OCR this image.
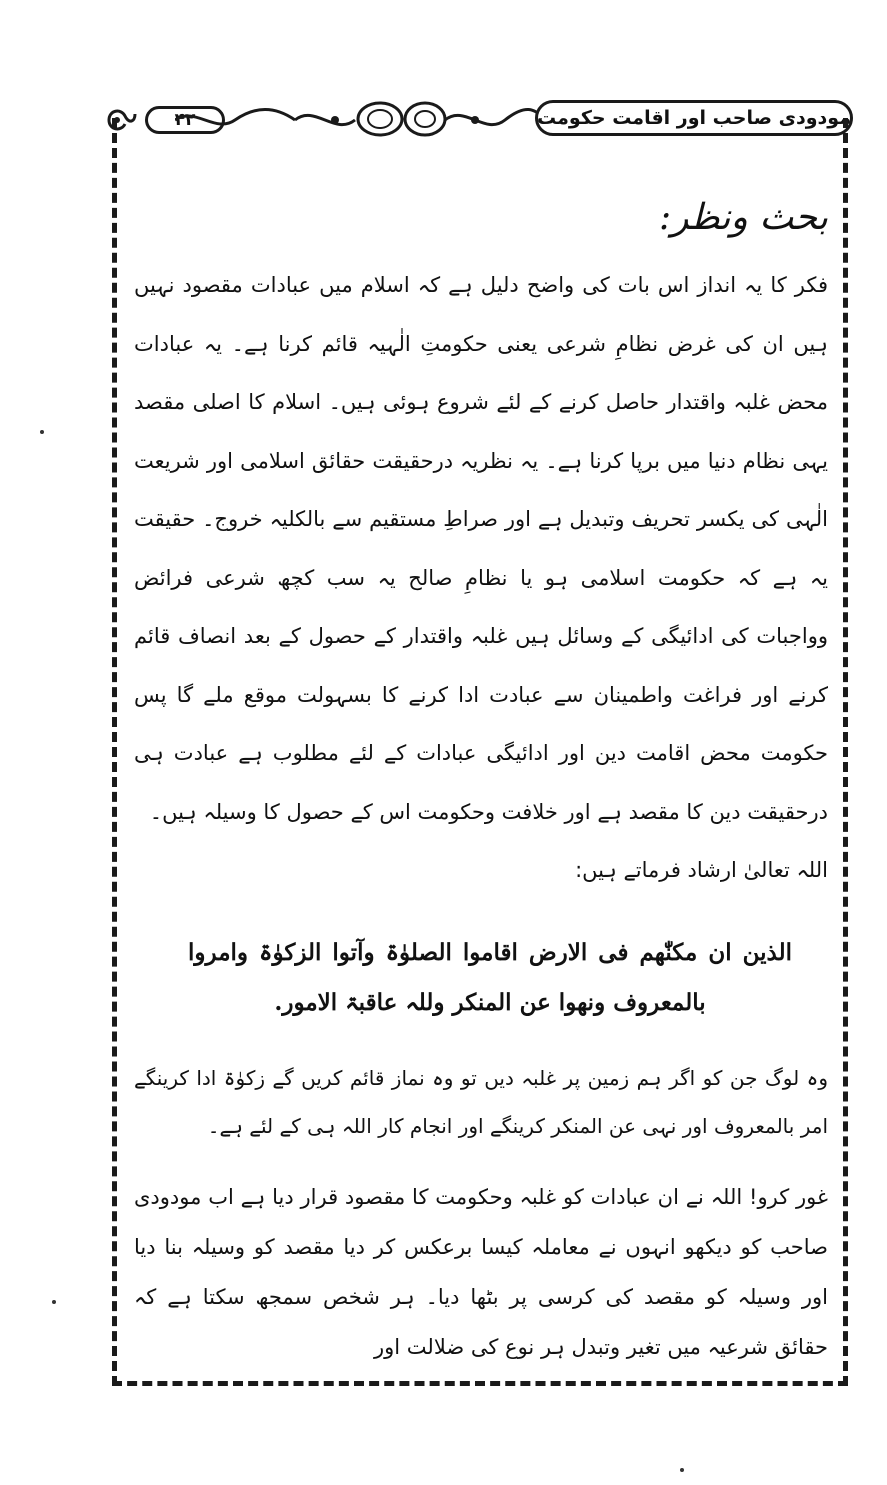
۴۲	مودودی صاحب اور اقامت حکومت
بحث ونظر:

فکر کا یہ انداز اس بات کی واضح دلیل ہے کہ اسلام میں عبادات مقصود نہیں ہیں ان کی غرض نظامِ شرعی یعنی حکومتِ الٰہیہ قائم کرنا ہے۔ یہ عبادات محض غلبہ واقتدار حاصل کرنے کے لئے شروع ہوئی ہیں۔ اسلام کا اصلی مقصد یہی نظام دنیا میں برپا کرنا ہے۔ یہ نظریہ درحقیقت حقائق اسلامی اور شریعت الٰہی کی یکسر تحریف وتبدیل ہے اور صراطِ مستقیم سے بالکلیہ خروج۔ حقیقت یہ ہے کہ حکومت اسلامی ہو یا نظامِ صالح یہ سب کچھ شرعی فرائض وواجبات کی ادائیگی کے وسائل ہیں غلبہ واقتدار کے حصول کے بعد انصاف قائم کرنے اور فراغت واطمینان سے عبادت ادا کرنے کا بسہولت موقع ملے گا پس حکومت محض اقامت دین اور ادائیگی عبادات کے لئے مطلوب ہے عبادت ہی درحقیقت دین کا مقصد ہے اور خلافت وحکومت اس کے حصول کا وسیلہ ہیں۔

اللہ تعالیٰ ارشاد فرماتے ہیں:

الذین ان مکنّٰھم فی الارض اقاموا الصلوٰۃ وآتوا الزکوٰۃ وامروا بالمعروف ونھوا عن المنکر وللہ عاقبۃ الامور.

وہ لوگ جن کو اگر ہم زمین پر غلبہ دیں تو وہ نماز قائم کریں گے زکوٰۃ ادا کرینگے امر بالمعروف اور نہی عن المنکر کرینگے اور انجام کار اللہ ہی کے لئے ہے۔

غور کرو! اللہ نے ان عبادات کو غلبہ وحکومت کا مقصود قرار دیا ہے اب مودودی صاحب کو دیکھو انہوں نے معاملہ کیسا برعکس کر دیا مقصد کو وسیلہ بنا دیا اور وسیلہ کو مقصد کی کرسی پر بٹھا دیا۔ ہر شخص سمجھ سکتا ہے کہ حقائق شرعیہ میں تغیر وتبدل ہر نوع کی ضلالت اور
